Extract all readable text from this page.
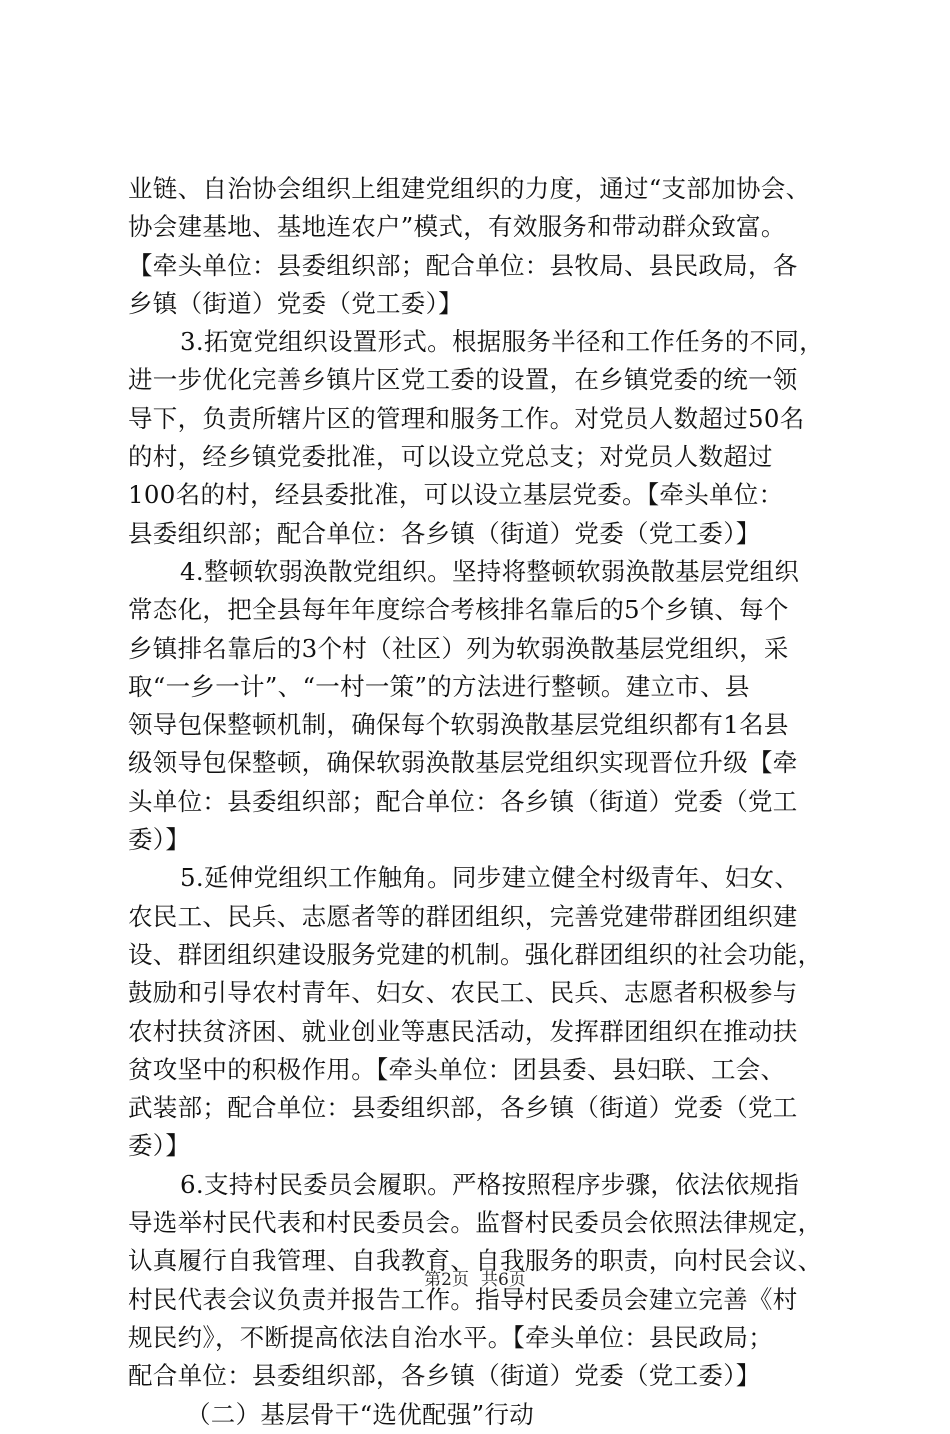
业链、自治协会组织上组建党组织的力度，通过“支部加协会、
协会建基地、基地连农户”模式，有效服务和带动群众致富。
【牵头单位：县委组织部；配合单位：县牧局、县民政局，各
乡镇（街道）党委（党工委）】
3.拓宽党组织设置形式。根据服务半径和工作任务的不同，
进一步优化完善乡镇片区党工委的设置，在乡镇党委的统一领
导下，负责所辖片区的管理和服务工作。对党员人数超过50名
的村，经乡镇党委批准，可以设立党总支；对党员人数超过
100名的村，经县委批准，可以设立基层党委。【牵头单位：
县委组织部；配合单位：各乡镇（街道）党委（党工委）】
4.整顿软弱涣散党组织。坚持将整顿软弱涣散基层党组织
常态化，把全县每年年度综合考核排名靠后的5个乡镇、每个
乡镇排名靠后的3个村（社区）列为软弱涣散基层党组织，采
取“一乡一计”、“一村一策”的方法进行整顿。建立市、县
领导包保整顿机制，确保每个软弱涣散基层党组织都有1名县
级领导包保整顿，确保软弱涣散基层党组织实现晋位升级【牵
头单位：县委组织部；配合单位：各乡镇（街道）党委（党工
委）】
5.延伸党组织工作触角。同步建立健全村级青年、妇女、
农民工、民兵、志愿者等的群团组织，完善党建带群团组织建
设、群团组织建设服务党建的机制。强化群团组织的社会功能，
鼓励和引导农村青年、妇女、农民工、民兵、志愿者积极参与
农村扶贫济困、就业创业等惠民活动，发挥群团组织在推动扶
贫攻坚中的积极作用。【牵头单位：团县委、县妇联、工会、
武装部；配合单位：县委组织部，各乡镇（街道）党委（党工
委）】
6.支持村民委员会履职。严格按照程序步骤，依法依规指
导选举村民代表和村民委员会。监督村民委员会依照法律规定，
认真履行自我管理、自我教育、自我服务的职责，向村民会议、
村民代表会议负责并报告工作。指导村民委员会建立完善《村
规民约》，不断提高依法自治水平。【牵头单位：县民政局；
配合单位：县委组织部，各乡镇（街道）党委（党工委）】
（二）基层骨干“选优配强”行动
第2页 共6页
